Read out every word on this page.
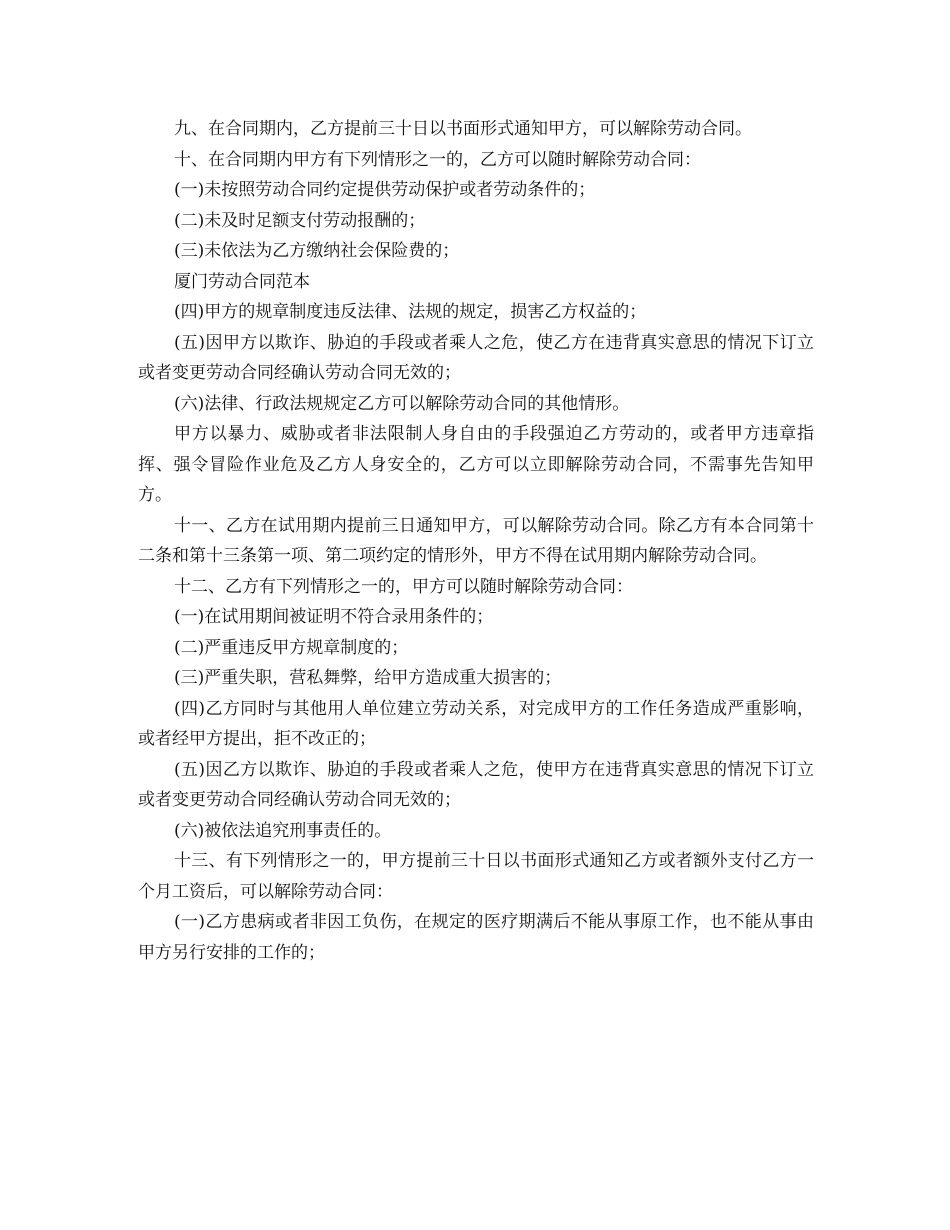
九、在合同期内，乙方提前三十日以书面形式通知甲方，可以解除劳动合同。

十、在合同期内甲方有下列情形之一的，乙方可以随时解除劳动合同：

(一)未按照劳动合同约定提供劳动保护或者劳动条件的；

(二)未及时足额支付劳动报酬的；

(三)未依法为乙方缴纳社会保险费的；

厦门劳动合同范本

(四)甲方的规章制度违反法律、法规的规定，损害乙方权益的；

(五)因甲方以欺诈、胁迫的手段或者乘人之危，使乙方在违背真实意思的情况下订立或者变更劳动合同经确认劳动合同无效的；

(六)法律、行政法规规定乙方可以解除劳动合同的其他情形。

甲方以暴力、威胁或者非法限制人身自由的手段强迫乙方劳动的，或者甲方违章指挥、强令冒险作业危及乙方人身安全的，乙方可以立即解除劳动合同，不需事先告知甲方。

十一、乙方在试用期内提前三日通知甲方，可以解除劳动合同。除乙方有本合同第十二条和第十三条第一项、第二项约定的情形外，甲方不得在试用期内解除劳动合同。

十二、乙方有下列情形之一的，甲方可以随时解除劳动合同：

(一)在试用期间被证明不符合录用条件的；

(二)严重违反甲方规章制度的；

(三)严重失职，营私舞弊，给甲方造成重大损害的；

(四)乙方同时与其他用人单位建立劳动关系，对完成甲方的工作任务造成严重影响，或者经甲方提出，拒不改正的；

(五)因乙方以欺诈、胁迫的手段或者乘人之危，使甲方在违背真实意思的情况下订立或者变更劳动合同经确认劳动合同无效的；

(六)被依法追究刑事责任的。

十三、有下列情形之一的，甲方提前三十日以书面形式通知乙方或者额外支付乙方一个月工资后，可以解除劳动合同：

(一)乙方患病或者非因工负伤，在规定的医疗期满后不能从事原工作，也不能从事由甲方另行安排的工作的；
